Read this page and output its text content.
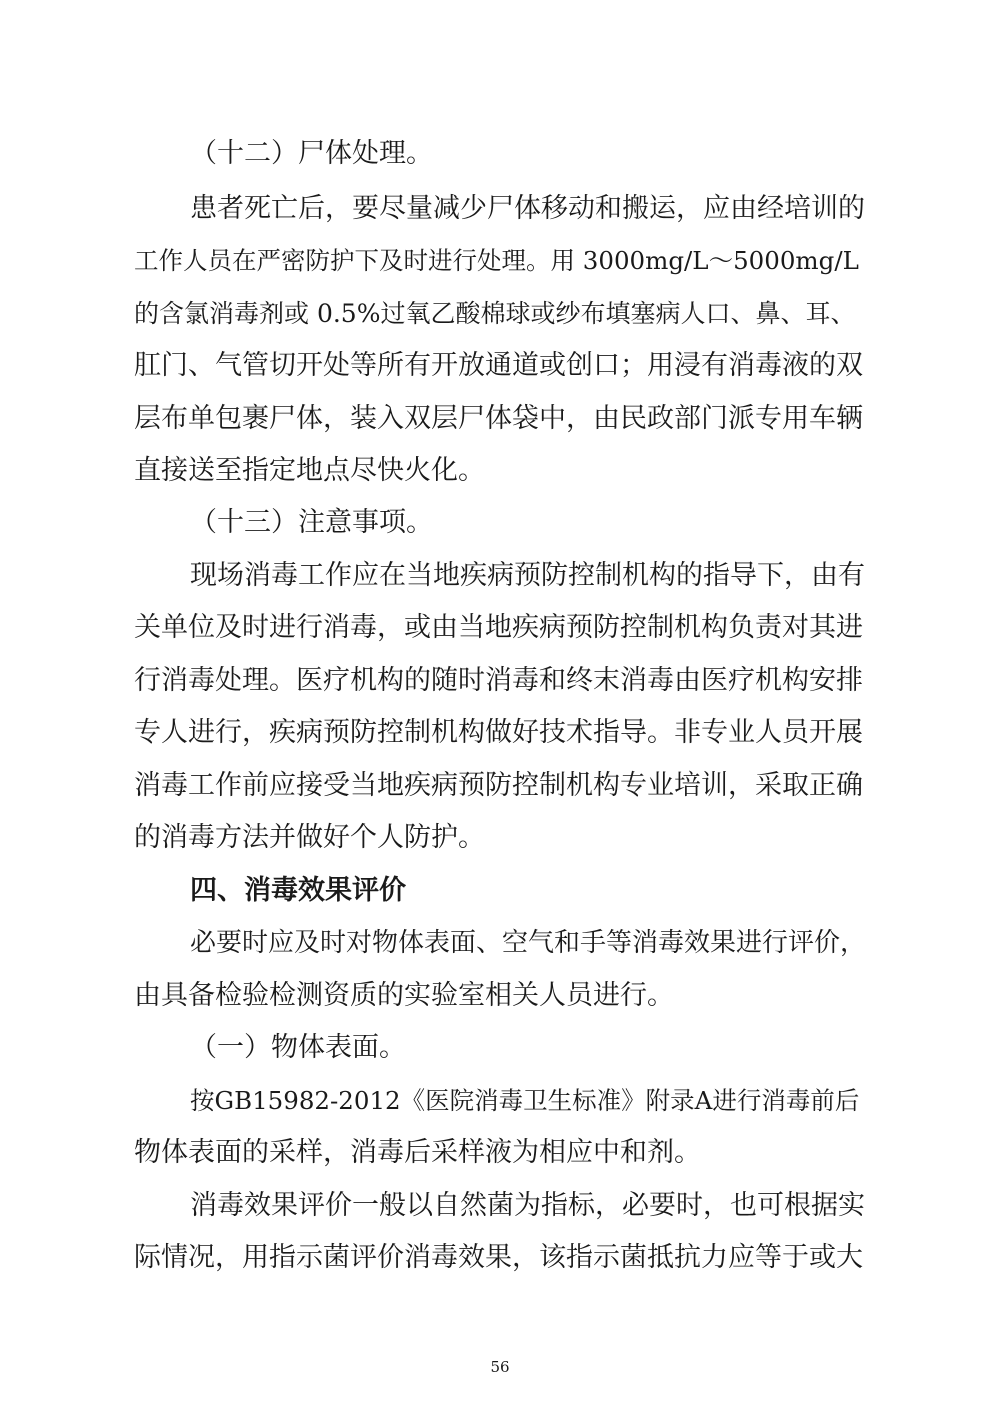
（十二）尸体处理。

患者死亡后，要尽量减少尸体移动和搬运，应由经培训的

工作人员在严密防护下及时进行处理。用 3000mg/L～5000mg/L

的含氯消毒剂或 0.5%过氧乙酸棉球或纱布填塞病人口、鼻、耳、

肛门、气管切开处等所有开放通道或创口；用浸有消毒液的双

层布单包裹尸体，装入双层尸体袋中，由民政部门派专用车辆

直接送至指定地点尽快火化。

（十三）注意事项。

现场消毒工作应在当地疾病预防控制机构的指导下，由有

关单位及时进行消毒，或由当地疾病预防控制机构负责对其进

行消毒处理。医疗机构的随时消毒和终末消毒由医疗机构安排

专人进行，疾病预防控制机构做好技术指导。非专业人员开展

消毒工作前应接受当地疾病预防控制机构专业培训，采取正确

的消毒方法并做好个人防护。

四、消毒效果评价

必要时应及时对物体表面、空气和手等消毒效果进行评价，

由具备检验检测资质的实验室相关人员进行。

（一）物体表面。

按GB15982-2012《医院消毒卫生标准》附录A进行消毒前后

物体表面的采样，消毒后采样液为相应中和剂。

消毒效果评价一般以自然菌为指标，必要时，也可根据实

际情况，用指示菌评价消毒效果，该指示菌抵抗力应等于或大

56
